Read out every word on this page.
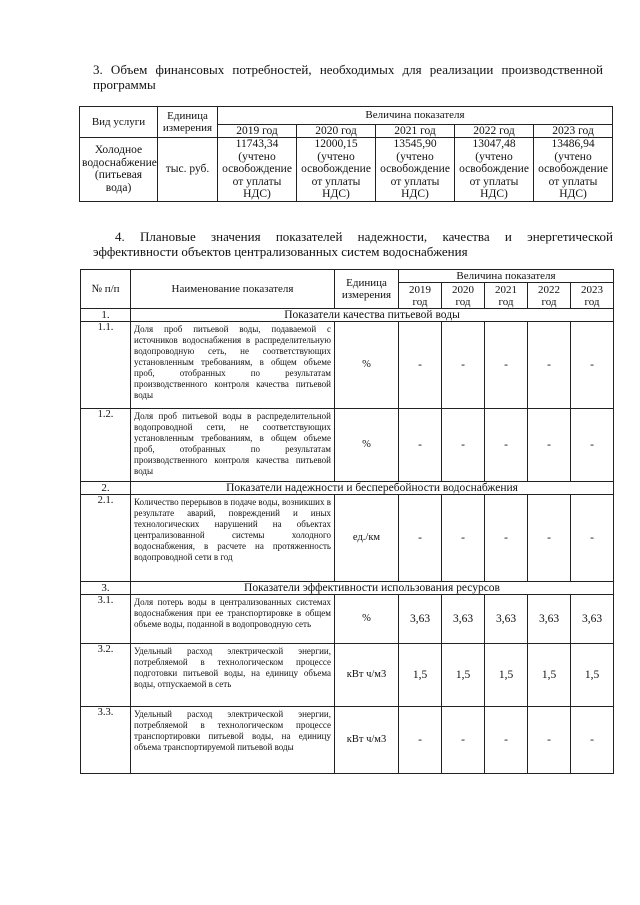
3. Объем финансовых потребностей, необходимых для реализации производственной программы
Вид услуги	Единица измерения	Величина показателя				
		2019 год	2020 год	2021 год	2022 год	2023 год
Холодное водоснабжение (питьевая вода)	тыс. руб.	11743,34 (учтено освобождение от уплаты НДС)	12000,15 (учтено освобождение от уплаты НДС)	13545,90 (учтено освобождение от уплаты НДС)	13047,48 (учтено освобождение от уплаты НДС)	13486,94 (учтено освобождение от уплаты НДС)
4. Плановые значения показателей надежности, качества и энергетической эффективности объектов централизованных систем водоснабжения
№ п/п	Наименование показателя	Единица измерения	Величина показателя				
			2019 год	2020 год	2021 год	2022 год	2023 год
1.	Показатели качества питьевой воды						
1.1.	Доля проб питьевой воды, подаваемой с источников водоснабжения в распределительную водопроводную сеть, не соответствующих установленным требованиям, в общем объеме проб, отобранных по результатам производственного контроля качества питьевой воды	%	-	-	-	-	-
1.2.	Доля проб питьевой воды в распределительной водопроводной сети, не соответствующих установленным требованиям, в общем объеме проб, отобранных по результатам производственного контроля качества питьевой воды	%	-	-	-	-	-
2.	Показатели надежности и бесперебойности водоснабжения						
2.1.	Количество перерывов в подаче воды, возникших в результате аварий, повреждений и иных технологических нарушений на объектах централизованной системы холодного водоснабжения, в расчете на протяженность водопроводной сети в год	ед./км	-	-	-	-	-
3.	Показатели эффективности использования ресурсов						
3.1.	Доля потерь воды в централизованных системах водоснабжения при ее транспортировке в общем объеме воды, поданной в водопроводную сеть	%	3,63	3,63	3,63	3,63	3,63
3.2.	Удельный расход электрической энергии, потребляемой в технологическом процессе подготовки питьевой воды, на единицу объема воды, отпускаемой в сеть	кВт ч/м3	1,5	1,5	1,5	1,5	1,5
3.3.	Удельный расход электрической энергии, потребляемой в технологическом процессе транспортировки питьевой воды, на единицу объема транспортируемой питьевой воды	кВт ч/м3	-	-	-	-	-
